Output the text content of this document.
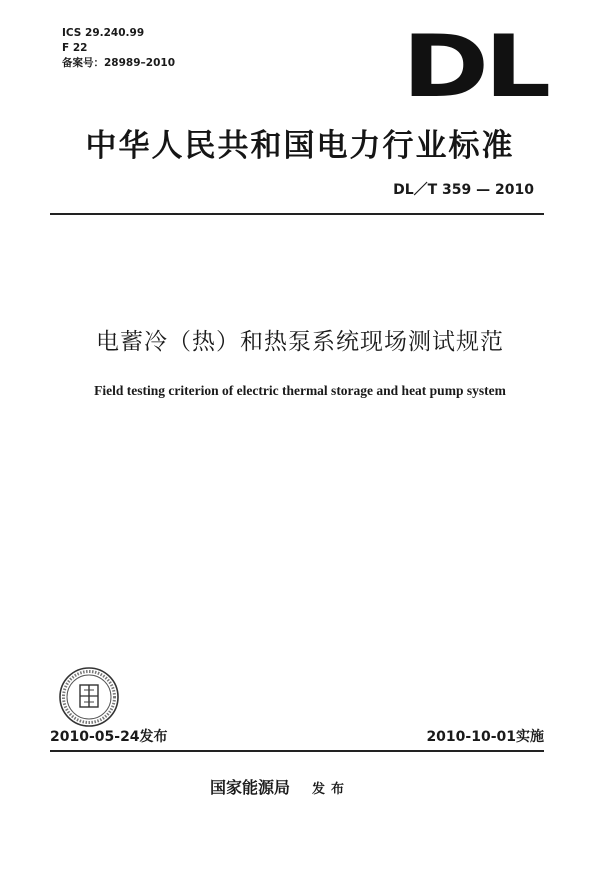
ICS 29.240.99
F 22
备案号：28989–2010	DL
中华人民共和国电力行业标准
DL／T 359 — 2010
电蓄冷（热）和热泵系统现场测试规范
Field testing criterion of electric thermal storage and heat pump system
2010-05-24发布	2010-10-01实施
国家能源局 发布
